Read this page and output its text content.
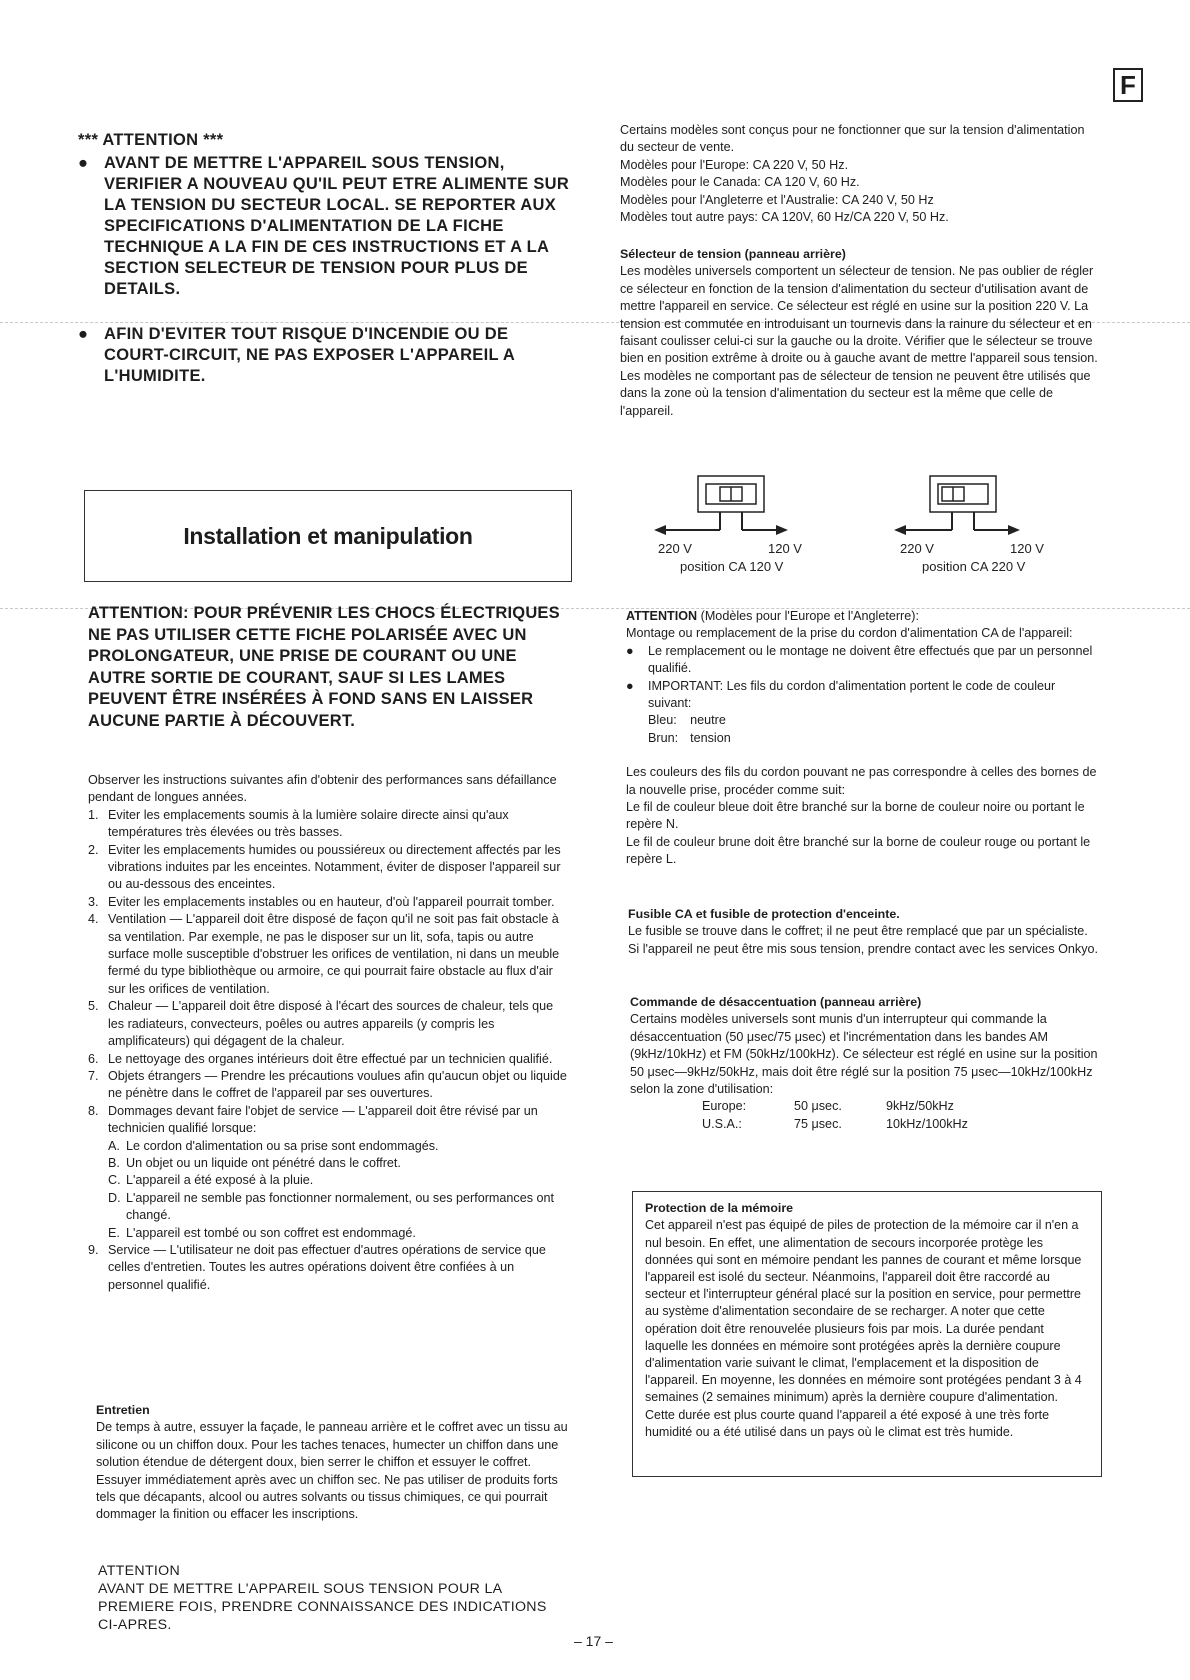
F
*** ATTENTION ***
● AVANT DE METTRE L'APPAREIL SOUS TENSION, VERIFIER A NOUVEAU QU'IL PEUT ETRE ALIMENTE SUR LA TENSION DU SECTEUR LOCAL. SE REPORTER AUX SPECIFICATIONS D'ALIMENTATION DE LA FICHE TECHNIQUE A LA FIN DE CES INSTRUCTIONS ET A LA SECTION SELECTEUR DE TENSION POUR PLUS DE DETAILS.
● AFIN D'EVITER TOUT RISQUE D'INCENDIE OU DE COURT-CIRCUIT, NE PAS EXPOSER L'APPAREIL A L'HUMIDITE.
Installation et manipulation
ATTENTION: POUR PRÉVENIR LES CHOCS ÉLECTRIQUES NE PAS UTILISER CETTE FICHE POLARISÉE AVEC UN PROLONGATEUR, UNE PRISE DE COURANT OU UNE AUTRE SORTIE DE COURANT, SAUF SI LES LAMES PEUVENT ÊTRE INSÉRÉES À FOND SANS EN LAISSER AUCUNE PARTIE À DÉCOUVERT.
Observer les instructions suivantes afin d'obtenir des performances sans défaillance pendant de longues années.
1. Eviter les emplacements soumis à la lumière solaire directe ainsi qu'aux températures très élevées ou très basses.
2. Eviter les emplacements humides ou poussiéreux ou directement affectés par les vibrations induites par les enceintes. Notamment, éviter de disposer l'appareil sur ou au-dessous des enceintes.
3. Eviter les emplacements instables ou en hauteur, d'où l'appareil pourrait tomber.
4. Ventilation — L'appareil doit être disposé de façon qu'il ne soit pas fait obstacle à sa ventilation. Par exemple, ne pas le disposer sur un lit, sofa, tapis ou autre surface molle susceptible d'obstruer les orifices de ventilation, ni dans un meuble fermé du type bibliothèque ou armoire, ce qui pourrait faire obstacle au flux d'air sur les orifices de ventilation.
5. Chaleur — L'appareil doit être disposé à l'écart des sources de chaleur, tels que les radiateurs, convecteurs, poêles ou autres appareils (y compris les amplificateurs) qui dégagent de la chaleur.
6. Le nettoyage des organes intérieurs doit être effectué par un technicien qualifié.
7. Objets étrangers — Prendre les précautions voulues afin qu'aucun objet ou liquide ne pénètre dans le coffret de l'appareil par ses ouvertures.
8. Dommages devant faire l'objet de service — L'appareil doit être révisé par un technicien qualifié lorsque:
A. Le cordon d'alimentation ou sa prise sont endommagés.
B. Un objet ou un liquide ont pénétré dans le coffret.
C. L'appareil a été exposé à la pluie.
D. L'appareil ne semble pas fonctionner normalement, ou ses performances ont changé.
E. L'appareil est tombé ou son coffret est endommagé.
9. Service — L'utilisateur ne doit pas effectuer d'autres opérations de service que celles d'entretien. Toutes les autres opérations doivent être confiées à un personnel qualifié.
Entretien
De temps à autre, essuyer la façade, le panneau arrière et le coffret avec un tissu au silicone ou un chiffon doux. Pour les taches tenaces, humecter un chiffon dans une solution étendue de détergent doux, bien serrer le chiffon et essuyer le coffret. Essuyer immédiatement après avec un chiffon sec. Ne pas utiliser de produits forts tels que décapants, alcool ou autres solvants ou tissus chimiques, ce qui pourrait dommager la finition ou effacer les inscriptions.
ATTENTION
AVANT DE METTRE L'APPAREIL SOUS TENSION POUR LA PREMIERE FOIS, PRENDRE CONNAISSANCE DES INDICATIONS CI-APRES.
Certains modèles sont conçus pour ne fonctionner que sur la tension d'alimentation du secteur de vente.
Modèles pour l'Europe: CA 220 V, 50 Hz.
Modèles pour le Canada: CA 120 V, 60 Hz.
Modèles pour l'Angleterre et l'Australie: CA 240 V, 50 Hz
Modèles tout autre pays: CA 120V, 60 Hz/CA 220 V, 50 Hz.
Sélecteur de tension (panneau arrière)
Les modèles universels comportent un sélecteur de tension. Ne pas oublier de régler ce sélecteur en fonction de la tension d'alimentation du secteur d'utilisation avant de mettre l'appareil en service. Ce sélecteur est réglé en usine sur la position 220 V. La tension est commutée en introduisant un tournevis dans la rainure du sélecteur et en faisant coulisser celui-ci sur la gauche ou la droite. Vérifier que le sélecteur se trouve bien en position extrême à droite ou à gauche avant de mettre l'appareil sous tension. Les modèles ne comportant pas de sélecteur de tension ne peuvent être utilisés que dans la zone où la tension d'alimentation du secteur est la même que celle de l'appareil.
220 V	120 V
position CA 120 V
220 V	120 V
position CA 220 V
ATTENTION (Modèles pour l'Europe et l'Angleterre):
Montage ou remplacement de la prise du cordon d'alimentation CA de l'appareil:
●	Le remplacement ou le montage ne doivent être effectués que par un personnel qualifié.
●	IMPORTANT: Les fils du cordon d'alimentation portent le code de couleur suivant:
Bleu:	neutre
Brun:	tension
Les couleurs des fils du cordon pouvant ne pas correspondre à celles des bornes de la nouvelle prise, procéder comme suit:
Le fil de couleur bleue doit être branché sur la borne de couleur noire ou portant le repère N.
Le fil de couleur brune doit être branché sur la borne de couleur rouge ou portant le repère L.
Fusible CA et fusible de protection d'enceinte.
Le fusible se trouve dans le coffret; il ne peut être remplacé que par un spécialiste. Si l'appareil ne peut être mis sous tension, prendre contact avec les services Onkyo.
Commande de désaccentuation (panneau arrière)
Certains modèles universels sont munis d'un interrupteur qui commande la désaccentuation (50 μsec/75 μsec) et l'incrémentation dans les bandes AM (9kHz/10kHz) et FM (50kHz/100kHz). Ce sélecteur est réglé en usine sur la position 50 μsec—9kHz/50kHz, mais doit être réglé sur la position 75 μsec—10kHz/100kHz selon la zone d'utilisation:
Europe:	50 μsec.	9kHz/50kHz
U.S.A.:	75 μsec.	10kHz/100kHz
Protection de la mémoire
Cet appareil n'est pas équipé de piles de protection de la mémoire car il n'en a nul besoin. En effet, une alimentation de secours incorporée protège les données qui sont en mémoire pendant les pannes de courant et même lorsque l'appareil est isolé du secteur. Néanmoins, l'appareil doit être raccordé au secteur et l'interrupteur général placé sur la position en service, pour permettre au système d'alimentation secondaire de se recharger. A noter que cette opération doit être renouvelée plusieurs fois par mois. La durée pendant laquelle les données en mémoire sont protégées après la dernière coupure d'alimentation varie suivant le climat, l'emplacement et la disposition de l'appareil. En moyenne, les données en mémoire sont protégées pendant 3 à 4 semaines (2 semaines minimum) après la dernière coupure d'alimentation. Cette durée est plus courte quand l'appareil a été exposé à une très forte humidité ou a été utilisé dans un pays où le climat est très humide.
– 17 –
